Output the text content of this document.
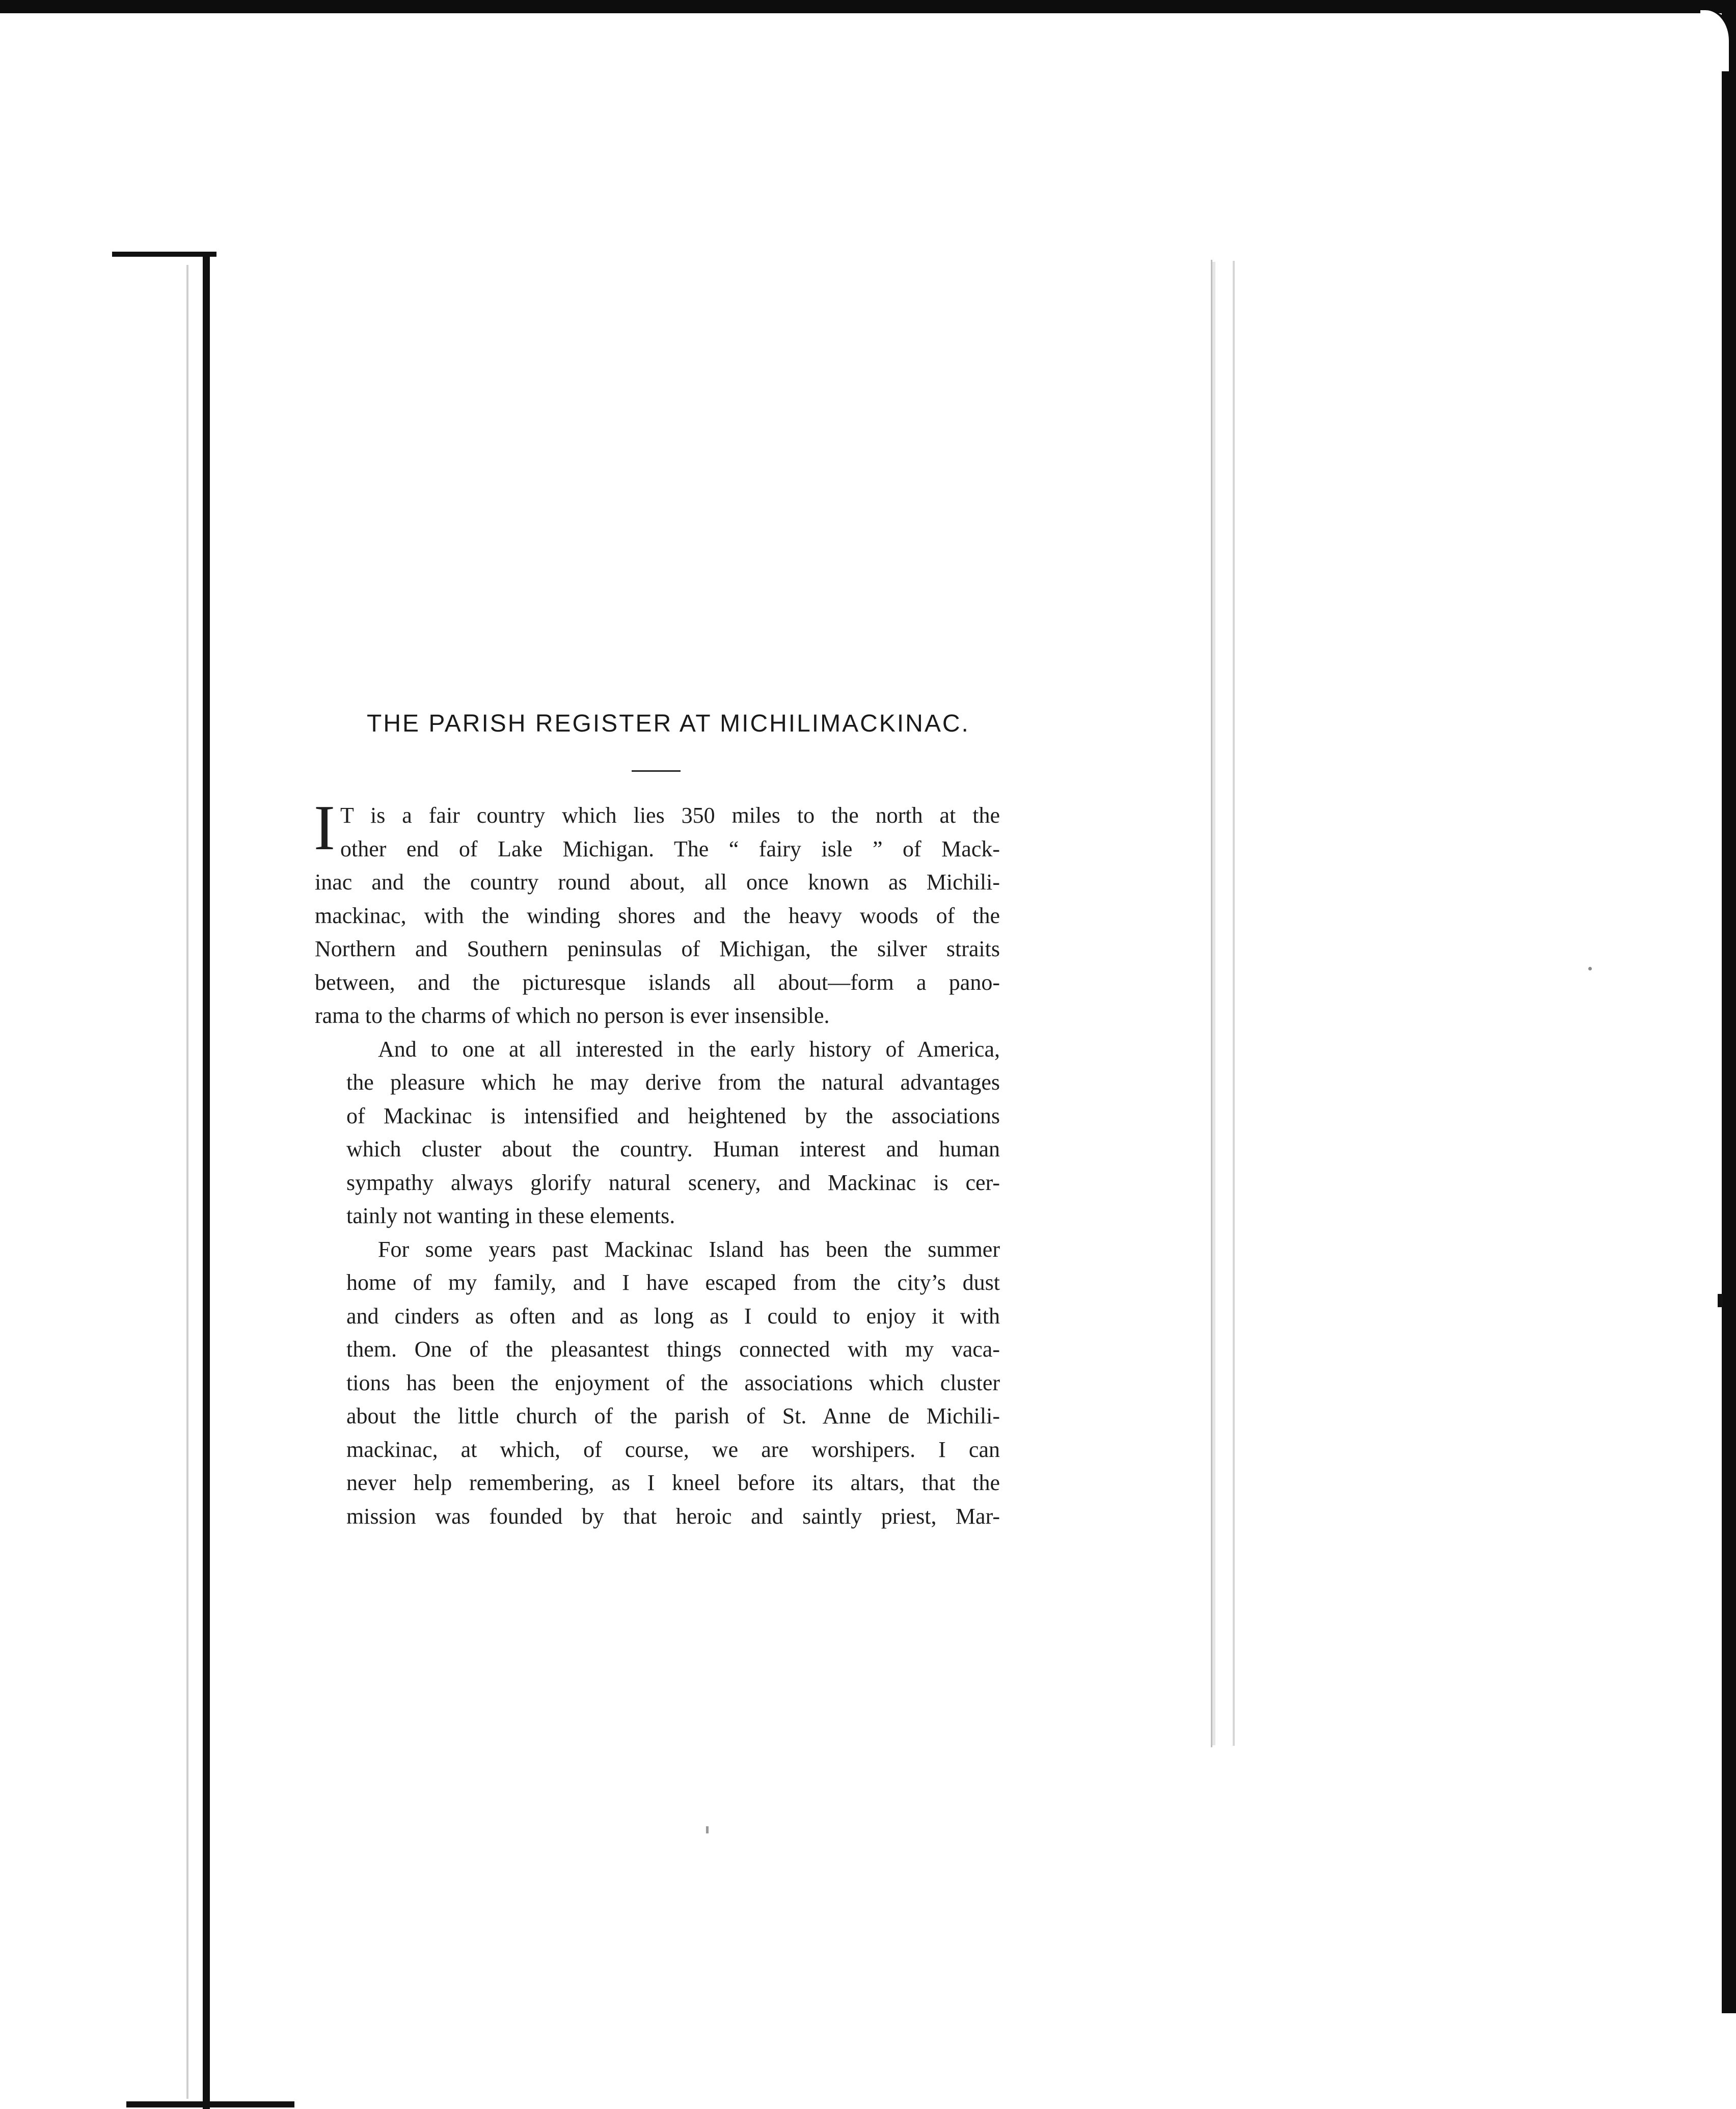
THE PARISH REGISTER AT MICHILIMACKINAC.
I T is a fair country which lies 350 miles to the north at the
other end of Lake Michigan. The “ fairy isle ” of Mack-
inac and the country round about, all once known as Michili-
mackinac, with the winding shores and the heavy woods of the
Northern and Southern peninsulas of Michigan, the silver straits
between, and the picturesque islands all about—form a pano-
rama to the charms of which no person is ever insensible.
And to one at all interested in the early history of America,
the pleasure which he may derive from the natural advantages
of Mackinac is intensified and heightened by the associations
which cluster about the country. Human interest and human
sympathy always glorify natural scenery, and Mackinac is cer-
tainly not wanting in these elements.
For some years past Mackinac Island has been the summer
home of my family, and I have escaped from the city’s dust
and cinders as often and as long as I could to enjoy it with
them. One of the pleasantest things connected with my vaca-
tions has been the enjoyment of the associations which cluster
about the little church of the parish of St. Anne de Michili-
mackinac, at which, of course, we are worshipers. I can
never help remembering, as I kneel before its altars, that the
mission was founded by that heroic and saintly priest, Mar-
